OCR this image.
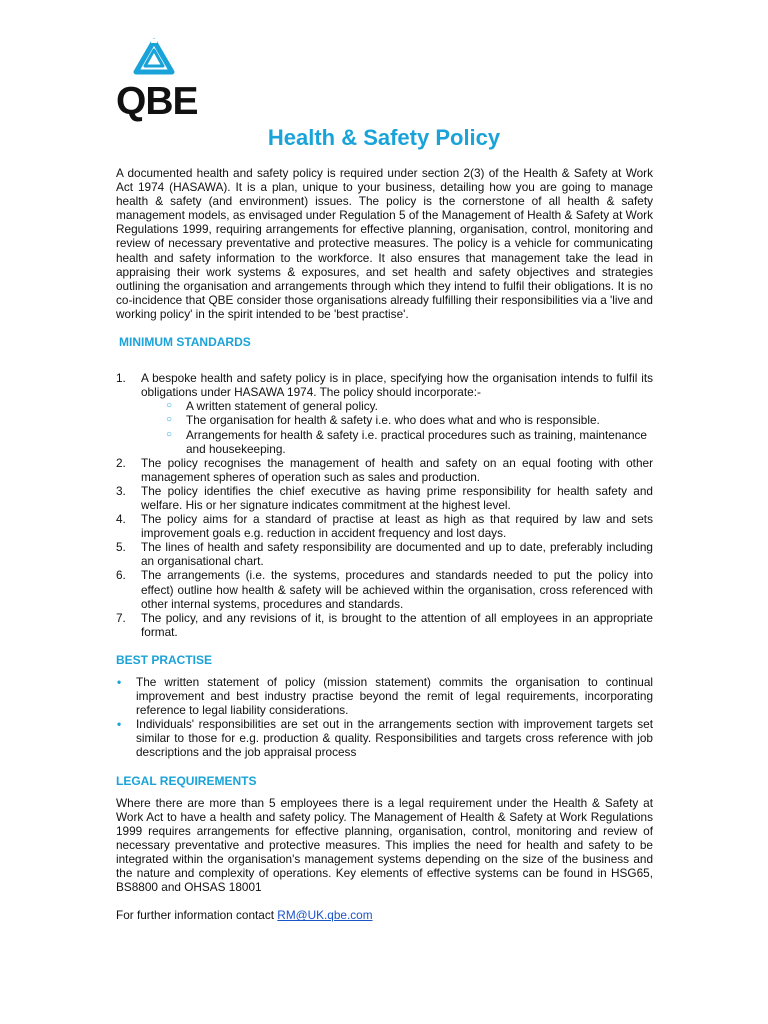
QBE
Health & Safety Policy

A documented health and safety policy is required under section 2(3) of the Health & Safety at Work Act 1974 (HASAWA). It is a plan, unique to your business, detailing how you are going to manage health & safety (and environment) issues. The policy is the cornerstone of all health & safety management models, as envisaged under Regulation 5 of the Management of Health & Safety at Work Regulations 1999, requiring arrangements for effective planning, organisation, control, monitoring and review of necessary preventative and protective measures. The policy is a vehicle for communicating health and safety information to the workforce. It also ensures that management take the lead in appraising their work systems & exposures, and set health and safety objectives and strategies outlining the organisation and arrangements through which they intend to fulfil their obligations. It is no co-incidence that QBE consider those organisations already fulfilling their responsibilities via a 'live and working policy' in the spirit intended to be 'best practise'.

MINIMUM STANDARDS
1. A bespoke health and safety policy is in place, specifying how the organisation intends to fulfil its obligations under HASAWA 1974. The policy should incorporate:-
○ A written statement of general policy.
○ The organisation for health & safety i.e. who does what and who is responsible.
○ Arrangements for health & safety i.e. practical procedures such as training, maintenance and housekeeping.
2. The policy recognises the management of health and safety on an equal footing with other management spheres of operation such as sales and production.
3. The policy identifies the chief executive as having prime responsibility for health safety and welfare. His or her signature indicates commitment at the highest level.
4. The policy aims for a standard of practise at least as high as that required by law and sets improvement goals e.g. reduction in accident frequency and lost days.
5. The lines of health and safety responsibility are documented and up to date, preferably including an organisational chart.
6. The arrangements (i.e. the systems, procedures and standards needed to put the policy into effect) outline how health & safety will be achieved within the organisation, cross referenced with other internal systems, procedures and standards.
7. The policy, and any revisions of it, is brought to the attention of all employees in an appropriate format.
BEST PRACTISE
• The written statement of policy (mission statement) commits the organisation to continual improvement and best industry practise beyond the remit of legal requirements, incorporating reference to legal liability considerations.
• Individuals' responsibilities are set out in the arrangements section with improvement targets set similar to those for e.g. production & quality. Responsibilities and targets cross reference with job descriptions and the job appraisal process
LEGAL REQUIREMENTS

Where there are more than 5 employees there is a legal requirement under the Health & Safety at Work Act to have a health and safety policy. The Management of Health & Safety at Work Regulations 1999 requires arrangements for effective planning, organisation, control, monitoring and review of necessary preventative and protective measures. This implies the need for health and safety to be integrated within the organisation's management systems depending on the size of the business and the nature and complexity of operations. Key elements of effective systems can be found in HSG65, BS8800 and OHSAS 18001

For further information contact RM@UK.qbe.com
